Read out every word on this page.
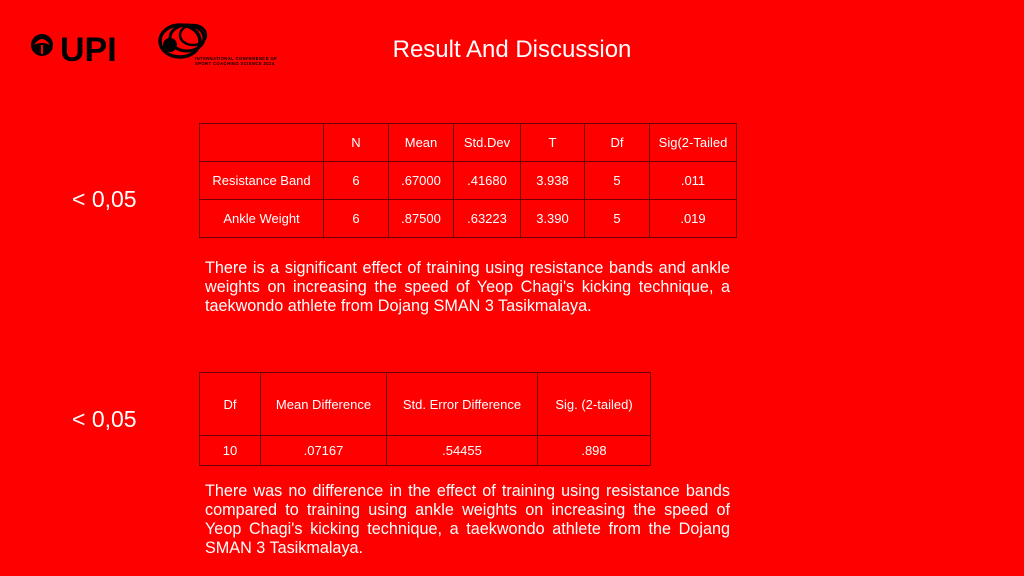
UPI	INTERNATIONAL CONFERENCE OF SPORT COACHING SCIENCE 2024
Result And Discussion
< 0,05
	N	Mean	Std.Dev	T	Df	Sig(2-Tailed
Resistance Band	6	.67000	.41680	3.938	5	.011
Ankle Weight	6	.87500	.63223	3.390	5	.019
There is a significant effect of training using resistance bands and ankle weights on increasing the speed of Yeop Chagi's kicking technique, a taekwondo athlete from Dojang SMAN 3 Tasikmalaya.
< 0,05
Df	Mean Difference	Std. Error Difference	Sig. (2-tailed)
10	.07167	.54455	.898
There was no difference in the effect of training using resistance bands compared to training using ankle weights on increasing the speed of Yeop Chagi's kicking technique, a taekwondo athlete from the Dojang SMAN 3 Tasikmalaya.
